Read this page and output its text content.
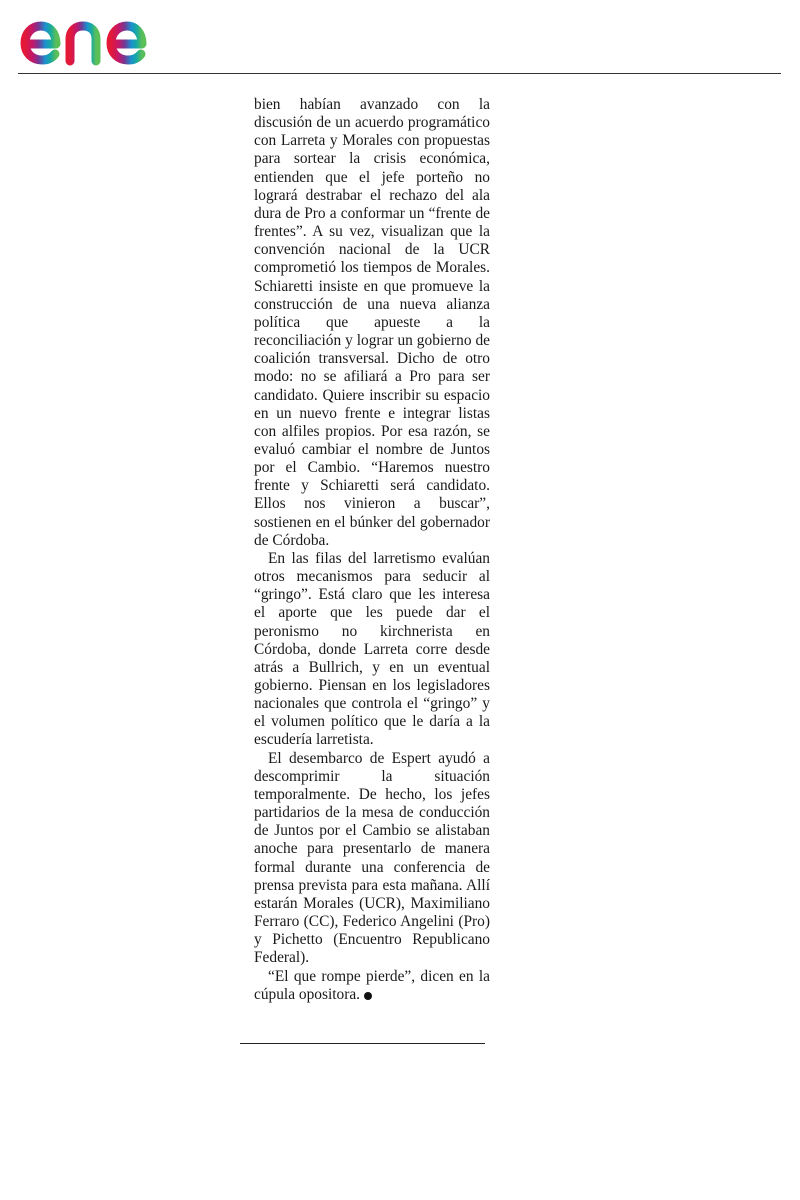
bien habían avanzado con la discusión de un acuerdo programático con Larreta y Morales con propuestas para sortear la crisis económica, entienden que el jefe porteño no logrará destrabar el rechazo del ala dura de Pro a conformar un “frente de frentes”. A su vez, visualizan que la convención nacional de la UCR comprometió los tiempos de Morales. Schiaretti insiste en que promueve la construcción de una nueva alianza política que apueste a la reconciliación y lograr un gobierno de coalición transversal. Dicho de otro modo: no se afiliará a Pro para ser candidato. Quiere inscribir su espacio en un nuevo frente e integrar listas con alfiles propios. Por esa razón, se evaluó cambiar el nombre de Juntos por el Cambio. “Haremos nuestro frente y Schiaretti será candidato. Ellos nos vinieron a buscar”, sostienen en el búnker del gobernador de Córdoba.

En las filas del larretismo evalúan otros mecanismos para seducir al “gringo”. Está claro que les interesa el aporte que les puede dar el peronismo no kirchnerista en Córdoba, donde Larreta corre desde atrás a Bullrich, y en un eventual gobierno. Piensan en los legisladores nacionales que controla el “gringo” y el volumen político que le daría a la escudería larretista.

El desembarco de Espert ayudó a descomprimir la situación temporalmente. De hecho, los jefes partidarios de la mesa de conducción de Juntos por el Cambio se alistaban anoche para presentarlo de manera formal durante una conferencia de prensa prevista para esta mañana. Allí estarán Morales (UCR), Maximiliano Ferraro (CC), Federico Angelini (Pro) y Pichetto (Encuentro Republicano Federal).

“El que rompe pierde”, dicen en la cúpula opositora.
